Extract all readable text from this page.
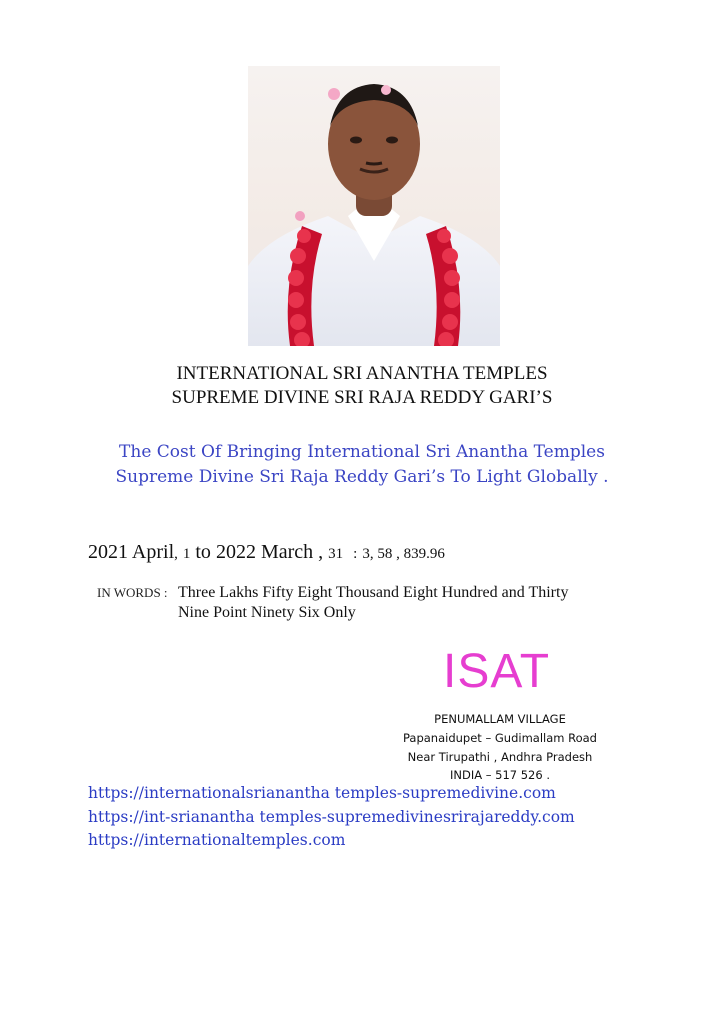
INTERNATIONAL SRI ANANTHA TEMPLES
SUPREME DIVINE SRI RAJA REDDY GARI’S
The Cost Of Bringing International Sri Anantha Temples
Supreme Divine Sri Raja Reddy Gari’s To Light Globally .
2021 April, 1 to 2022 March , 31 : 3, 58 , 839.96
IN WORDS : Three Lakhs Fifty Eight Thousand Eight Hundred and Thirty
Nine Point Ninety Six Only
ISAT
PENUMALLAM VILLAGE
Papanaidupet – Gudimallam Road
Near Tirupathi , Andhra Pradesh
INDIA – 517 526 .
https://internationalsrianantha temples-supremedivine.com
https://int-srianantha temples-supremedivinesrirajareddy.com
https://internationaltemples.com
